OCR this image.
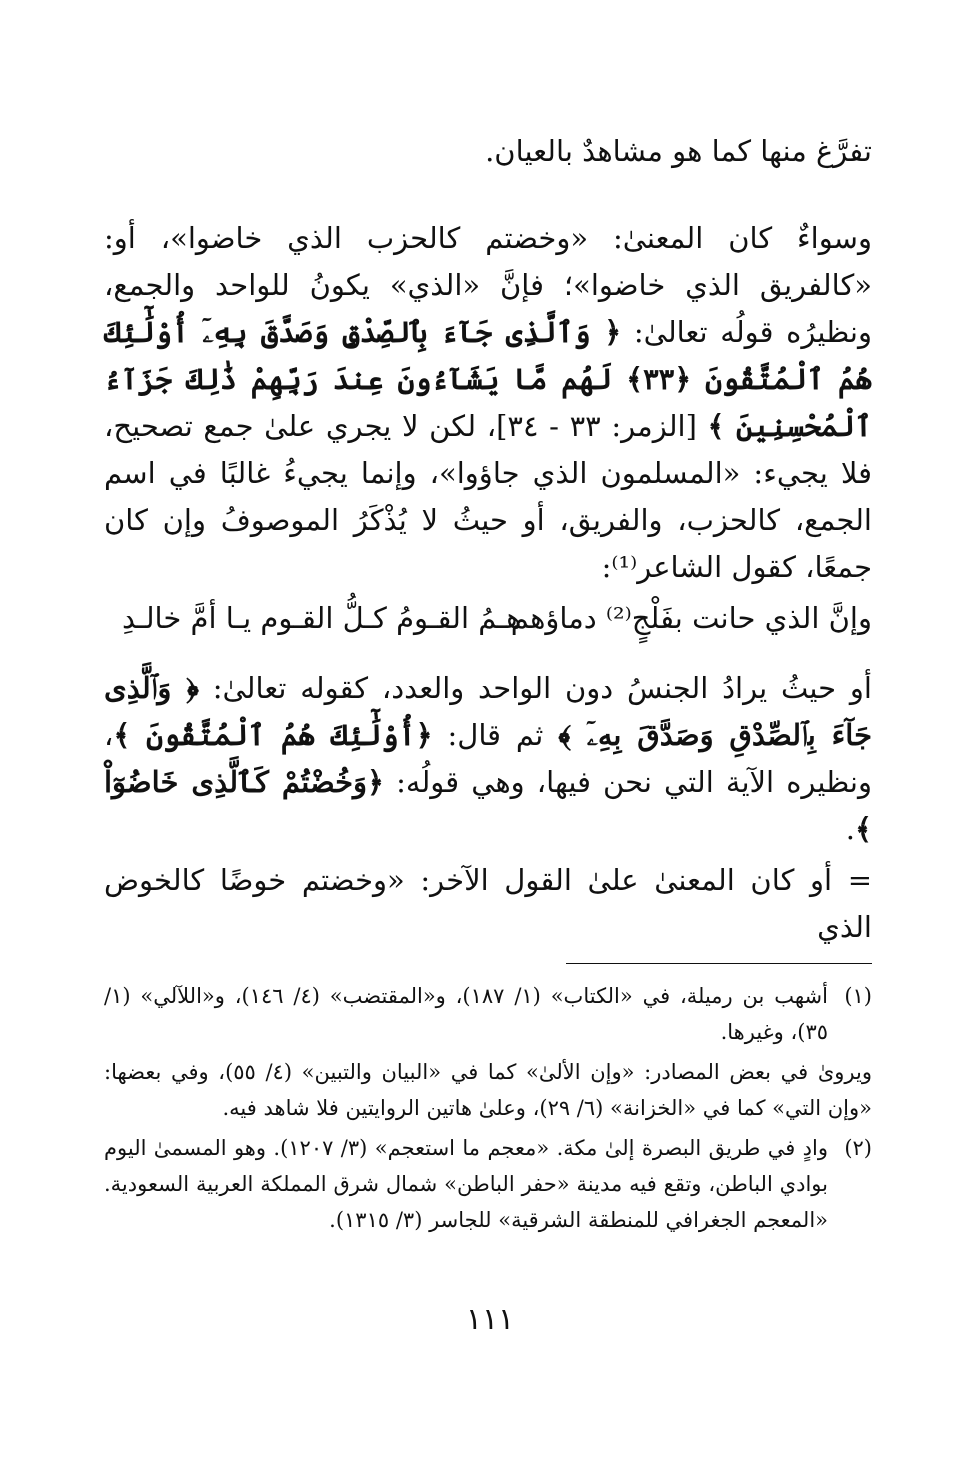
تفرَّغ منها كما هو مشاهدٌ بالعيان.
وسواءٌ كان المعنىٰ: «وخضتم كالحزب الذي خاضوا»، أو: «كالفريق الذي خاضوا»؛ فإنَّ «الذي» يكونُ للواحد والجمع، ونظيرُه قولُه تعالىٰ: ﴿ وَٱلَّذِى جَآءَ بِٱلصِّدْقِ وَصَدَّقَ بِهِۦٓ أُوْلَٰٓئِكَ هُمُ ٱلْمُتَّقُونَ ﴿٣٣﴾ لَهُم مَّا يَشَآءُونَ عِندَ رَبِّهِمْ ذَٰلِكَ جَزَآءُ ٱلْمُحْسِنِينَ ﴾ [الزمر: ٣٣ - ٣٤]، لكن لا يجري علىٰ جمع تصحيح، فلا يجيء: «المسلمون الذي جاؤوا»، وإنما يجيءُ غالبًا في اسم الجمع، كالحزب، والفريق، أو حيثُ لا يُذْكَرُ الموصوفُ وإن كان جمعًا، كقول الشاعر⁽¹⁾:
وإنَّ الذي حانت بفَلْجٍ⁽²⁾ دماؤهم
هـمُ القـومُ كـلُّ القـوم يـا أمَّ خالـدِ
أو حيثُ يرادُ الجنسُ دون الواحد والعدد، كقوله تعالىٰ: ﴿ وَٱلَّذِى جَآءَ بِٱلصِّدْقِ وَصَدَّقَ بِهِۦٓ ﴾ ثم قال: ﴿أُوْلَٰٓئِكَ هُمُ ٱلْمُتَّقُونَ ﴾، ونظيره الآية التي نحن فيها، وهي قولُه: ﴿وَخُضْتُمْ كَٱلَّذِى خَاضُوٓاْ ﴾.
= أو كان المعنىٰ علىٰ القول الآخر: «وخضتم خوضًا كالخوض الذي
(١)
أشهب بن رميلة، في «الكتاب» (١/ ١٨٧)، و«المقتضب» (٤/ ١٤٦)، و«اللآلي» (١/ ٣٥)، وغيرها.
ويروىٰ في بعض المصادر: «وإن الألىٰ» كما في «البيان والتبين» (٤/ ٥٥)، وفي بعضها: «وإن التي» كما في «الخزانة» (٦/ ٢٩)، وعلىٰ هاتين الروايتين فلا شاهد فيه.
(٢)
وادٍ في طريق البصرة إلىٰ مكة. «معجم ما استعجم» (٣/ ١٢٠٧). وهو المسمىٰ اليوم بوادي الباطن، وتقع فيه مدينة «حفر الباطن» شمال شرق المملكة العربية السعودية. «المعجم الجغرافي للمنطقة الشرقية» للجاسر (٣/ ١٣١٥).
١١١
